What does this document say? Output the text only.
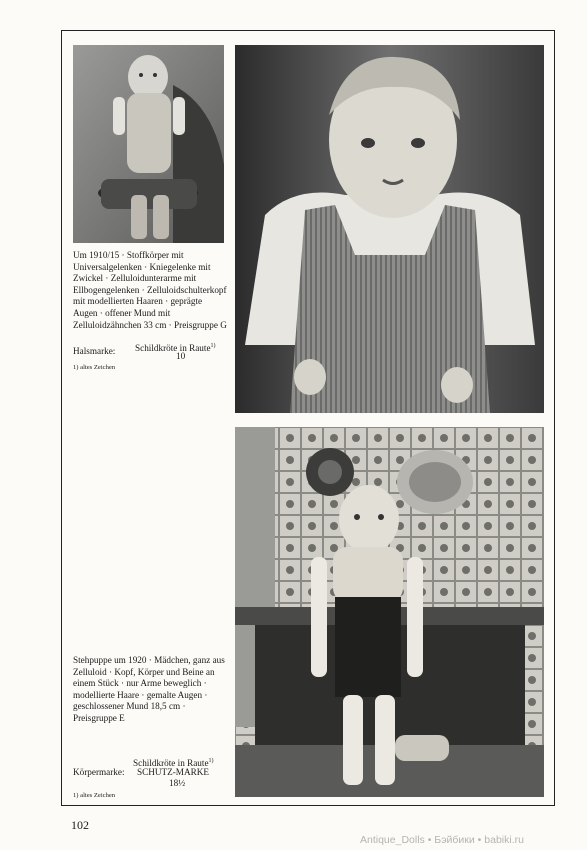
Um 1910/15 · Stoffkörper mit Universalgelenken · Kniegelenke mit Zwickel · Zelluloidunterarme mit Ellbogengelenken · Zelluloidschulterkopf mit modellierten Haaren · geprägte Augen · offener Mund mit Zelluloidzähnchen 33 cm · Preisgruppe G
Halsmarke: Schildkröte in Raute$^{1)}$
10
1) altes Zeichen
Stehpuppe um 1920 · Mädchen, ganz aus Zelluloid · Kopf, Körper und Beine an einem Stück · nur Arme beweglich · modellierte Haare · gemalte Augen · geschlossener Mund 18,5 cm · Preisgruppe E
Schildkröte in Raute$^{1)}$
Körpermarke: SCHUTZ-MARKE
18½
1) altes Zeichen
102
Antique_Dolls • Бэйбики • babiki.ru
